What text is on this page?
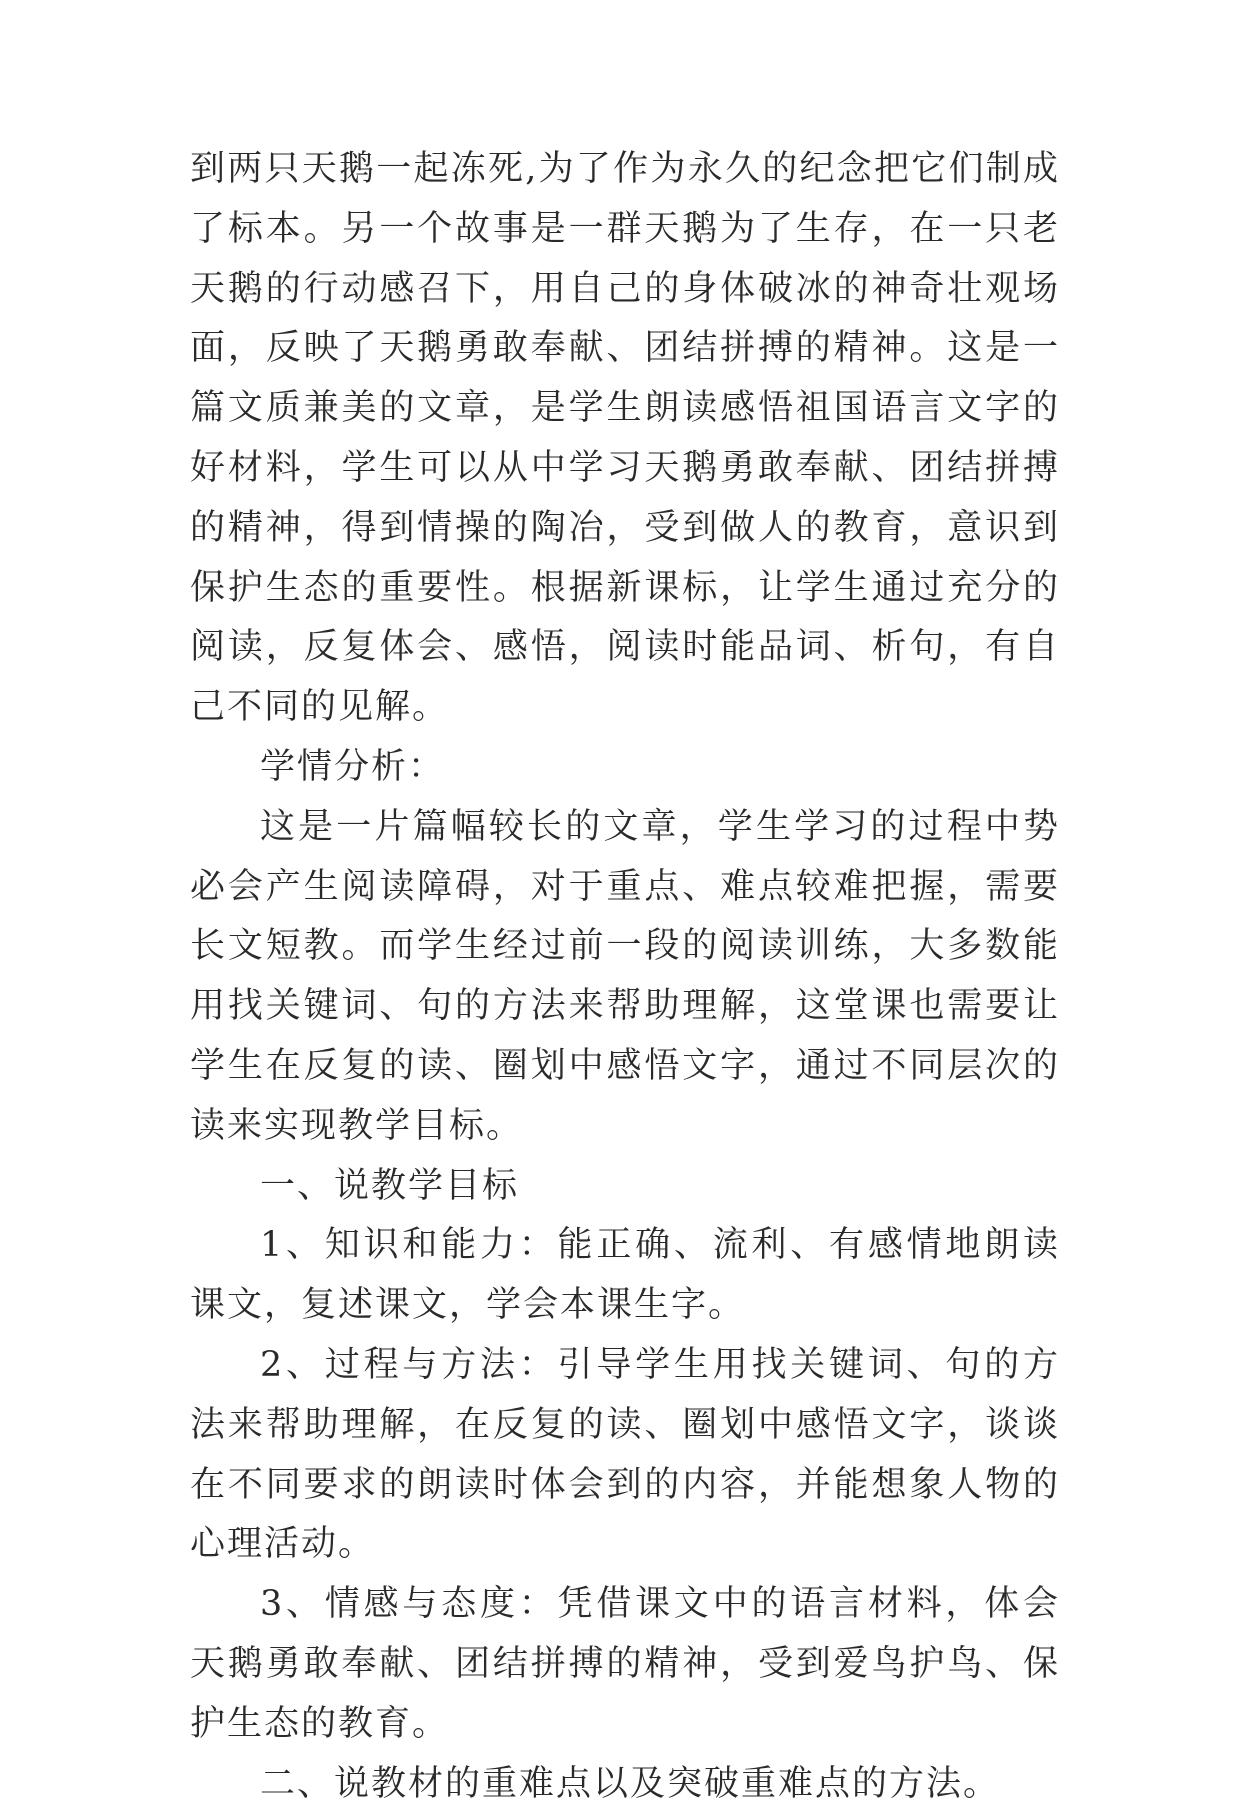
到两只天鹅一起冻死,为了作为永久的纪念把它们制成了标本。另一个故事是一群天鹅为了生存，在一只老天鹅的行动感召下，用自己的身体破冰的神奇壮观场面，反映了天鹅勇敢奉献、团结拼搏的精神。这是一篇文质兼美的文章，是学生朗读感悟祖国语言文字的好材料，学生可以从中学习天鹅勇敢奉献、团结拼搏的精神，得到情操的陶冶，受到做人的教育，意识到保护生态的重要性。根据新课标，让学生通过充分的阅读，反复体会、感悟，阅读时能品词、析句，有自己不同的见解。

学情分析：

这是一片篇幅较长的文章，学生学习的过程中势必会产生阅读障碍，对于重点、难点较难把握，需要长文短教。而学生经过前一段的阅读训练，大多数能用找关键词、句的方法来帮助理解，这堂课也需要让学生在反复的读、圈划中感悟文字，通过不同层次的读来实现教学目标。

一、说教学目标

1、知识和能力：能正确、流利、有感情地朗读课文，复述课文，学会本课生字。

2、过程与方法：引导学生用找关键词、句的方法来帮助理解，在反复的读、圈划中感悟文字，谈谈在不同要求的朗读时体会到的内容，并能想象人物的心理活动。

3、情感与态度：凭借课文中的语言材料，体会天鹅勇敢奉献、团结拼搏的精神，受到爱鸟护鸟、保护生态的教育。

二、说教材的重难点以及突破重难点的方法。
